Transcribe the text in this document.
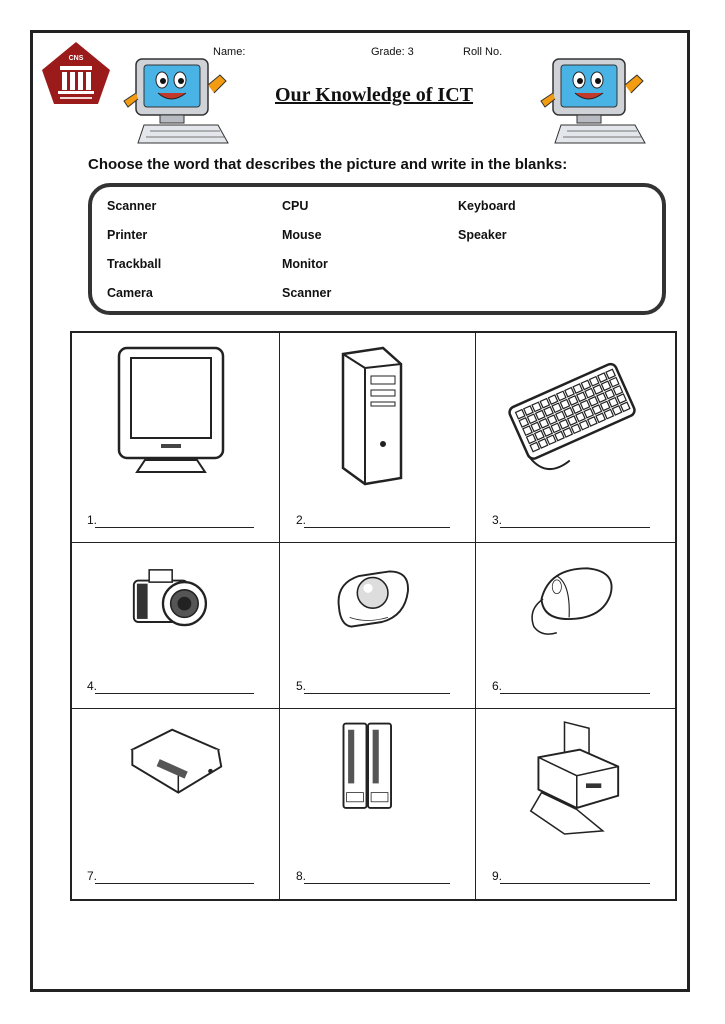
CNS
Name:	Grade: 3	Roll No.
Our Knowledge of ICT
Choose the word that describes the picture and write in the blanks:
Scanner	CPU	Keyboard
Printer	Mouse	Speaker
Trackball	Monitor
Camera	Scanner
1.	2.	3.
4.	5.	6.
7.	8.	9.
